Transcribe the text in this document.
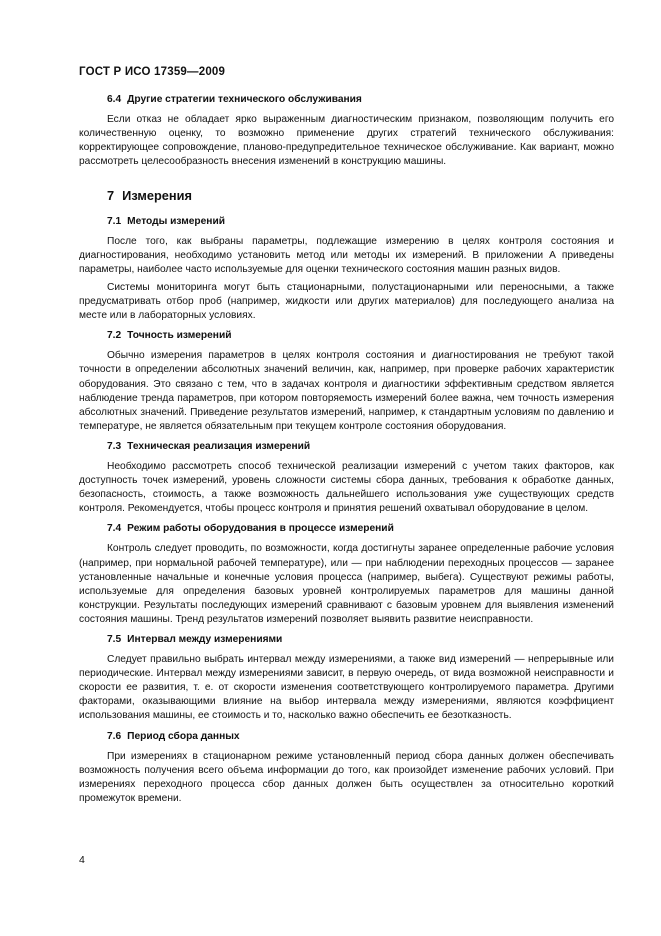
ГОСТ Р ИСО 17359—2009
6.4 Другие стратегии технического обслуживания

Если отказ не обладает ярко выраженным диагностическим признаком, позволяющим получить его количественную оценку, то возможно применение других стратегий технического обслуживания: корректирующее сопровождение, планово-предупредительное техническое обслуживание. Как вариант, можно рассмотреть целесообразность внесения изменений в конструкцию машины.

7 Измерения
7.1 Методы измерений

После того, как выбраны параметры, подлежащие измерению в целях контроля состояния и диагностирования, необходимо установить метод или методы их измерений. В приложении А приведены параметры, наиболее часто используемые для оценки технического состояния машин разных видов.

Системы мониторинга могут быть стационарными, полустационарными или переносными, а также предусматривать отбор проб (например, жидкости или других материалов) для последующего анализа на месте или в лабораторных условиях.

7.2 Точность измерений

Обычно измерения параметров в целях контроля состояния и диагностирования не требуют такой точности в определении абсолютных значений величин, как, например, при проверке рабочих характеристик оборудования. Это связано с тем, что в задачах контроля и диагностики эффективным средством является наблюдение тренда параметров, при котором повторяемость измерений более важна, чем точность измерения абсолютных значений. Приведение результатов измерений, например, к стандартным условиям по давлению и температуре, не является обязательным при текущем контроле состояния оборудования.

7.3 Техническая реализация измерений

Необходимо рассмотреть способ технической реализации измерений с учетом таких факторов, как доступность точек измерений, уровень сложности системы сбора данных, требования к обработке данных, безопасность, стоимость, а также возможность дальнейшего использования уже существующих средств контроля. Рекомендуется, чтобы процесс контроля и принятия решений охватывал оборудование в целом.

7.4 Режим работы оборудования в процессе измерений

Контроль следует проводить, по возможности, когда достигнуты заранее определенные рабочие условия (например, при нормальной рабочей температуре), или — при наблюдении переходных процессов — заранее установленные начальные и конечные условия процесса (например, выбега). Существуют режимы работы, используемые для определения базовых уровней контролируемых параметров для машины данной конструкции. Результаты последующих измерений сравнивают с базовым уровнем для выявления изменений состояния машины. Тренд результатов измерений позволяет выявить развитие неисправности.

7.5 Интервал между измерениями

Следует правильно выбрать интервал между измерениями, а также вид измерений — непрерывные или периодические. Интервал между измерениями зависит, в первую очередь, от вида возможной неисправности и скорости ее развития, т. е. от скорости изменения соответствующего контролируемого параметра. Другими факторами, оказывающими влияние на выбор интервала между измерениями, являются коэффициент использования машины, ее стоимость и то, насколько важно обеспечить ее безотказность.

7.6 Период сбора данных

При измерениях в стационарном режиме установленный период сбора данных должен обеспечивать возможность получения всего объема информации до того, как произойдет изменение рабочих условий. При измерениях переходного процесса сбор данных должен быть осуществлен за относительно короткий промежуток времени.

4
